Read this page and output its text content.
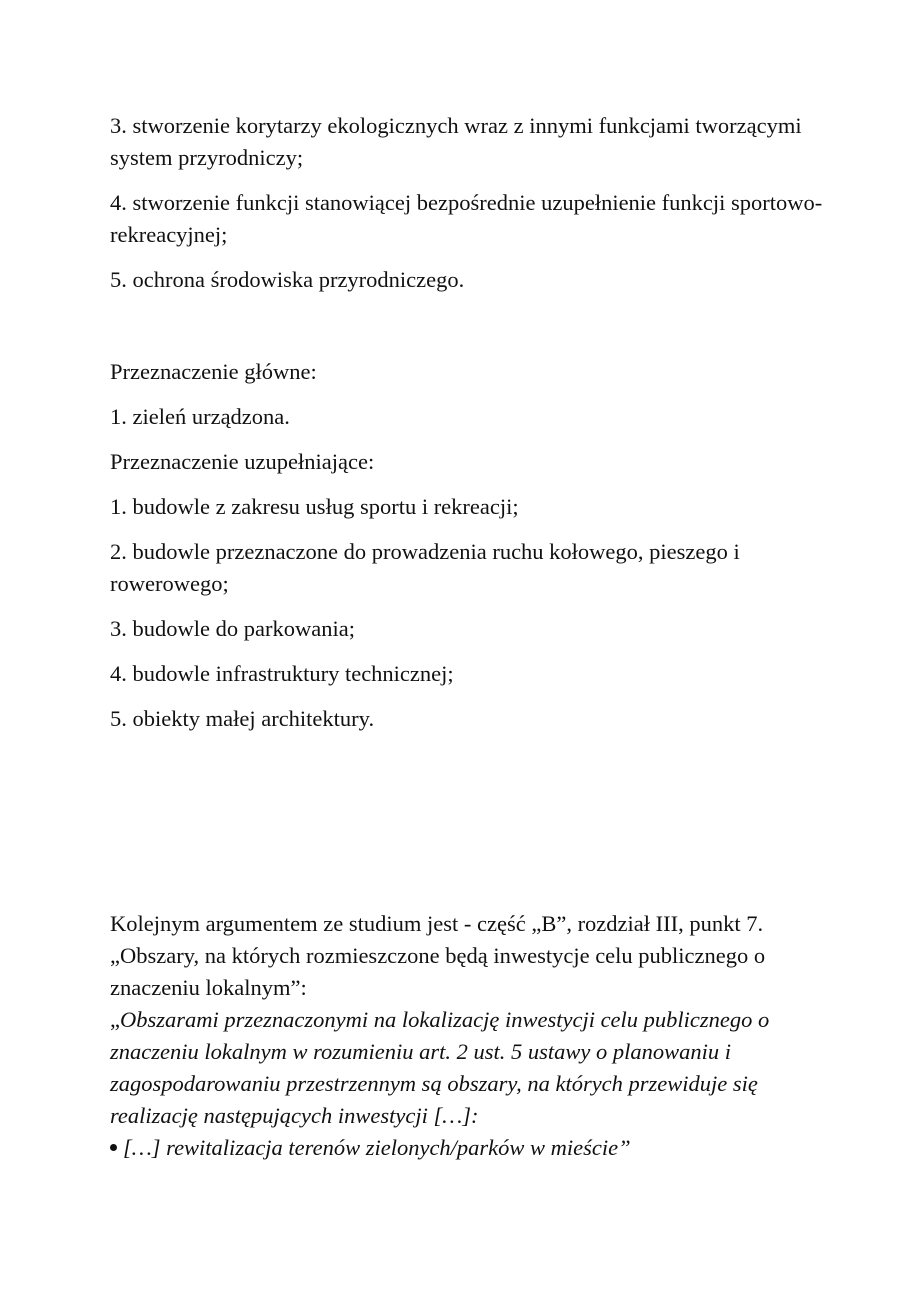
3. stworzenie korytarzy ekologicznych wraz z innymi funkcjami tworzącymi system przyrodniczy;

4. stworzenie funkcji stanowiącej bezpośrednie uzupełnienie funkcji sportowo-rekreacyjnej;

5. ochrona środowiska przyrodniczego.

Przeznaczenie główne:

1. zieleń urządzona.

Przeznaczenie uzupełniające:

1. budowle z zakresu usług sportu i rekreacji;

2. budowle przeznaczone do prowadzenia ruchu kołowego, pieszego i rowerowego;

3. budowle do parkowania;

4. budowle infrastruktury technicznej;

5. obiekty małej architektury.

Kolejnym argumentem ze studium jest - część „B”, rozdział III, punkt 7. „Obszary, na których rozmieszczone będą inwestycje celu publicznego o znaczeniu lokalnym”:

„Obszarami przeznaczonymi na lokalizację inwestycji celu publicznego o znaczeniu lokalnym w rozumieniu art. 2 ust. 5 ustawy o planowaniu i zagospodarowaniu przestrzennym są obszary, na których przewiduje się realizację następujących inwestycji […]:

[…] rewitalizacja terenów zielonych/parków w mieście”
